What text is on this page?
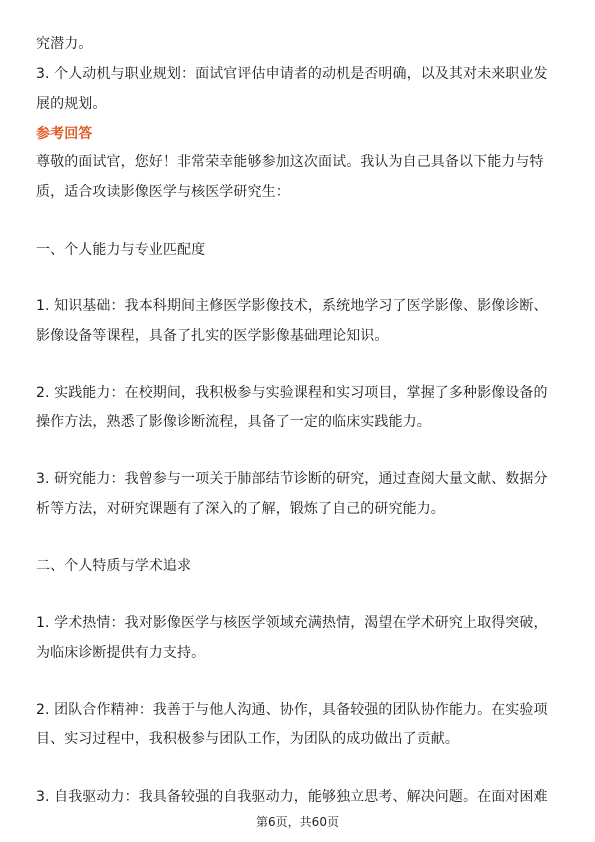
究潜力。
3. 个人动机与职业规划：面试官评估申请者的动机是否明确，以及其对未来职业发
展的规划。
参考回答
尊敬的面试官，您好！非常荣幸能够参加这次面试。我认为自己具备以下能力与特
质，适合攻读影像医学与核医学研究生：
一、个人能力与专业匹配度
1. 知识基础：我本科期间主修医学影像技术，系统地学习了医学影像、影像诊断、
影像设备等课程，具备了扎实的医学影像基础理论知识。
2. 实践能力：在校期间，我积极参与实验课程和实习项目，掌握了多种影像设备的
操作方法，熟悉了影像诊断流程，具备了一定的临床实践能力。
3. 研究能力：我曾参与一项关于肺部结节诊断的研究，通过查阅大量文献、数据分
析等方法，对研究课题有了深入的了解，锻炼了自己的研究能力。
二、个人特质与学术追求
1. 学术热情：我对影像医学与核医学领域充满热情，渴望在学术研究上取得突破，
为临床诊断提供有力支持。
2. 团队合作精神：我善于与他人沟通、协作，具备较强的团队协作能力。在实验项
目、实习过程中，我积极参与团队工作，为团队的成功做出了贡献。
3. 自我驱动力：我具备较强的自我驱动力，能够独立思考、解决问题。在面对困难
第6页，共60页
